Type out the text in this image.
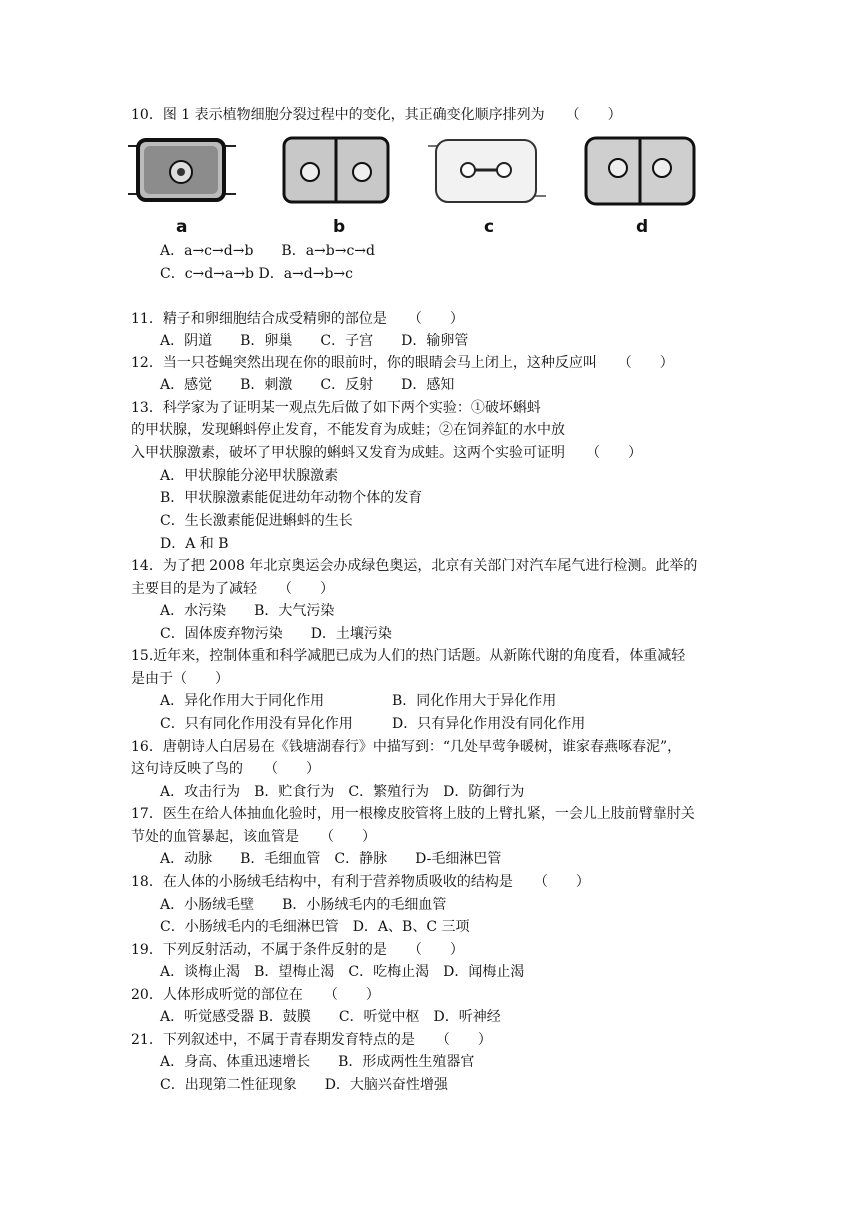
10．图 1 表示植物细胞分裂过程中的变化，其正确变化顺序排列为　　（　　）
a	b	c	d
A．a→c→d→b　　B．a→b→c→d
C．c→d→a→b D．a→d→b→c
11．精子和卵细胞结合成受精卵的部位是　　（　　）
A．阴道　　B．卵巢　　C．子宫　　D．输卵管
12．当一只苍蝇突然出现在你的眼前时，你的眼睛会马上闭上，这种反应叫　　（　　）
A．感觉　　B．刺激　　C．反射　　D．感知
13．科学家为了证明某一观点先后做了如下两个实验：①破坏蝌蚪
的甲状腺，发现蝌蚪停止发育，不能发育为成蛙；②在饲养缸的水中放
入甲状腺激素，破坏了甲状腺的蝌蚪又发育为成蛙。这两个实验可证明　　（　　）
A．甲状腺能分泌甲状腺激素
B．甲状腺激素能促进幼年动物个体的发育
C．生长激素能促进蝌蚪的生长
D．A 和 B
14．为了把 2008 年北京奥运会办成绿色奥运，北京有关部门对汽车尾气进行检测。此举的
主要目的是为了减轻　　（　　）
A．水污染　　B．大气污染
C．固体废弃物污染　　D．土壤污染
15.近年来，控制体重和科学减肥已成为人们的热门话题。从新陈代谢的角度看，体重减轻
是由于（　　）
A．异化作用大于同化作用	B．同化作用大于异化作用
C．只有同化作用没有异化作用	D．只有异化作用没有同化作用
16．唐朝诗人白居易在《钱塘湖春行》中描写到：“几处早莺争暖树，谁家春燕啄春泥”，
这句诗反映了鸟的　　（　　）
A．攻击行为　B．贮食行为　C．繁殖行为　D．防御行为
17．医生在给人体抽血化验时，用一根橡皮胶管将上肢的上臂扎紧，一会儿上肢前臂靠肘关
节处的血管暴起，该血管是　　（　　）
A．动脉　　B．毛细血管　C．静脉　　D-毛细淋巴管
18．在人体的小肠绒毛结构中，有利于营养物质吸收的结构是　　（　　）
A．小肠绒毛壁　　B．小肠绒毛内的毛细血管
C．小肠绒毛内的毛细淋巴管　D．A、B、C 三项
19．下列反射活动，不属于条件反射的是　　（　　）
A．谈梅止渴　B．望梅止渴　C．吃梅止渴　D．闻梅止渴
20．人体形成听觉的部位在　　（　　）
A．听觉感受器 B．鼓膜　　C．听觉中枢　D．听神经
21．下列叙述中，不属于青春期发育特点的是　　（　　）
A．身高、体重迅速增长　　B．形成两性生殖器官
C．出现第二性征现象　　D．大脑兴奋性增强
